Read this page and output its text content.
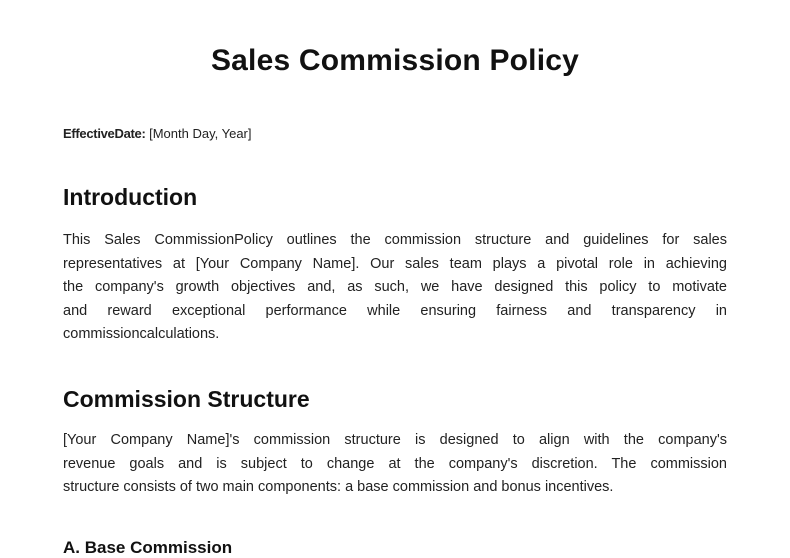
Sales Commission Policy
EffectiveDate: [Month Day, Year]
Introduction
This Sales CommissionPolicy outlines the commission structure and guidelines for sales
representatives at [Your Company Name]. Our sales team plays a pivotal role in achieving
the company's growth objectives and, as such, we have designed this policy to motivate
and reward exceptional performance while ensuring fairness and transparency in
commissioncalculations.
Commission Structure
[Your Company Name]'s commission structure is designed to align with the company's
revenue goals and is subject to change at the company's discretion. The commission
structure consists of two main components: a base commission and bonus incentives.
A. Base Commission
